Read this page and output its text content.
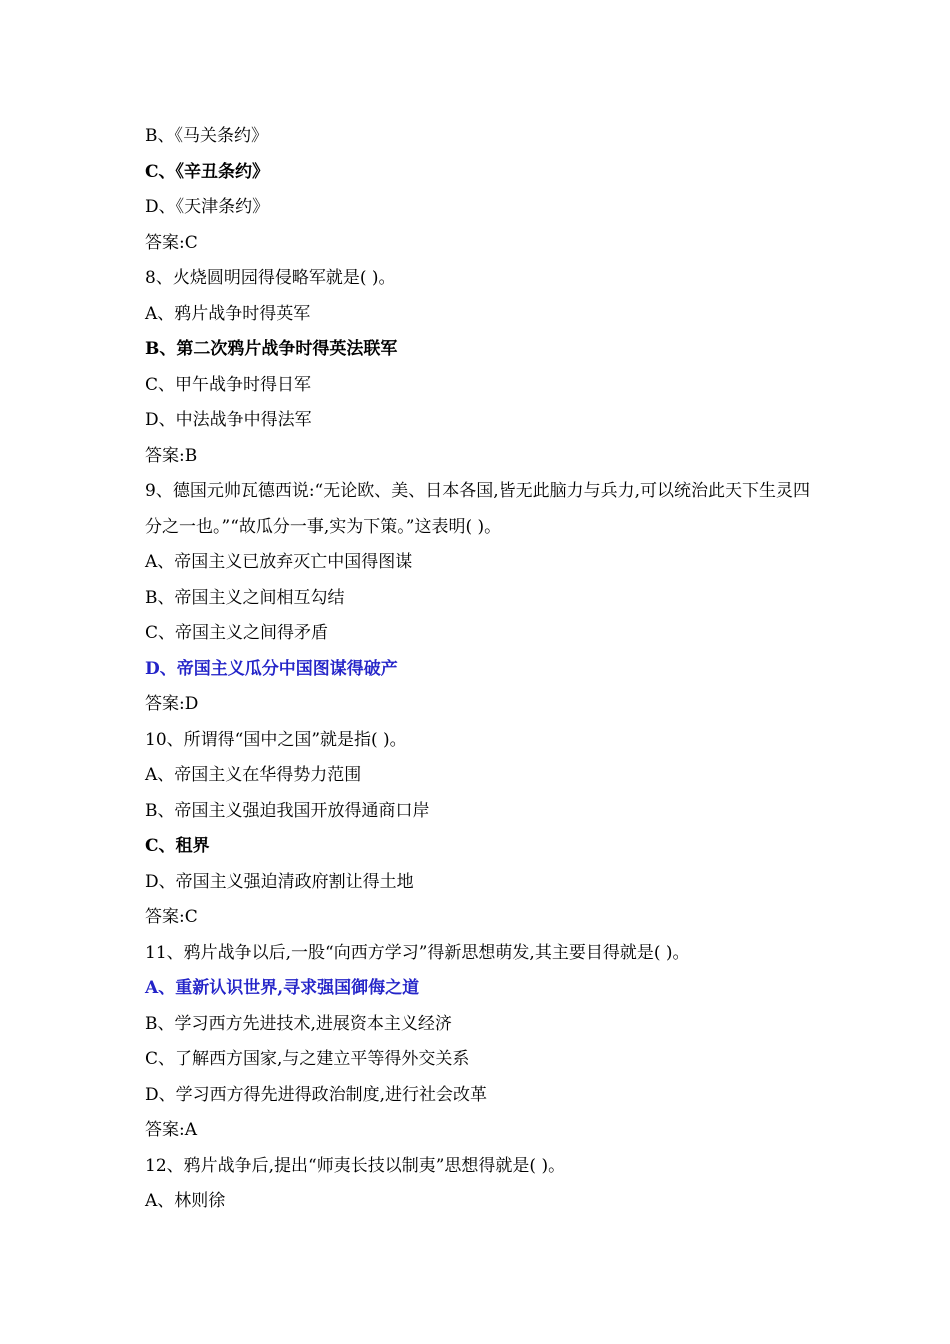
B、《马关条约》
C、《辛丑条约》
D、《天津条约》
答案:C
8、火烧圆明园得侵略军就是( )。
A、鸦片战争时得英军
B、第二次鸦片战争时得英法联军
C、甲午战争时得日军
D、中法战争中得法军
答案:B
9、德国元帅瓦德西说:“无论欧、美、日本各国,皆无此脑力与兵力,可以统治此天下生灵四分之一也。”“故瓜分一事,实为下策。”这表明( )。
A、帝国主义已放弃灭亡中国得图谋
B、帝国主义之间相互勾结
C、帝国主义之间得矛盾
D、帝国主义瓜分中国图谋得破产
答案:D
10、所谓得“国中之国”就是指( )。
A、帝国主义在华得势力范围
B、帝国主义强迫我国开放得通商口岸
C、租界
D、帝国主义强迫清政府割让得土地
答案:C
11、鸦片战争以后,一股“向西方学习”得新思想萌发,其主要目得就是( )。
A、重新认识世界,寻求强国御侮之道
B、学习西方先进技术,进展资本主义经济
C、了解西方国家,与之建立平等得外交关系
D、学习西方得先进得政治制度,进行社会改革
答案:A
12、鸦片战争后,提出“师夷长技以制夷”思想得就是( )。
A、林则徐
